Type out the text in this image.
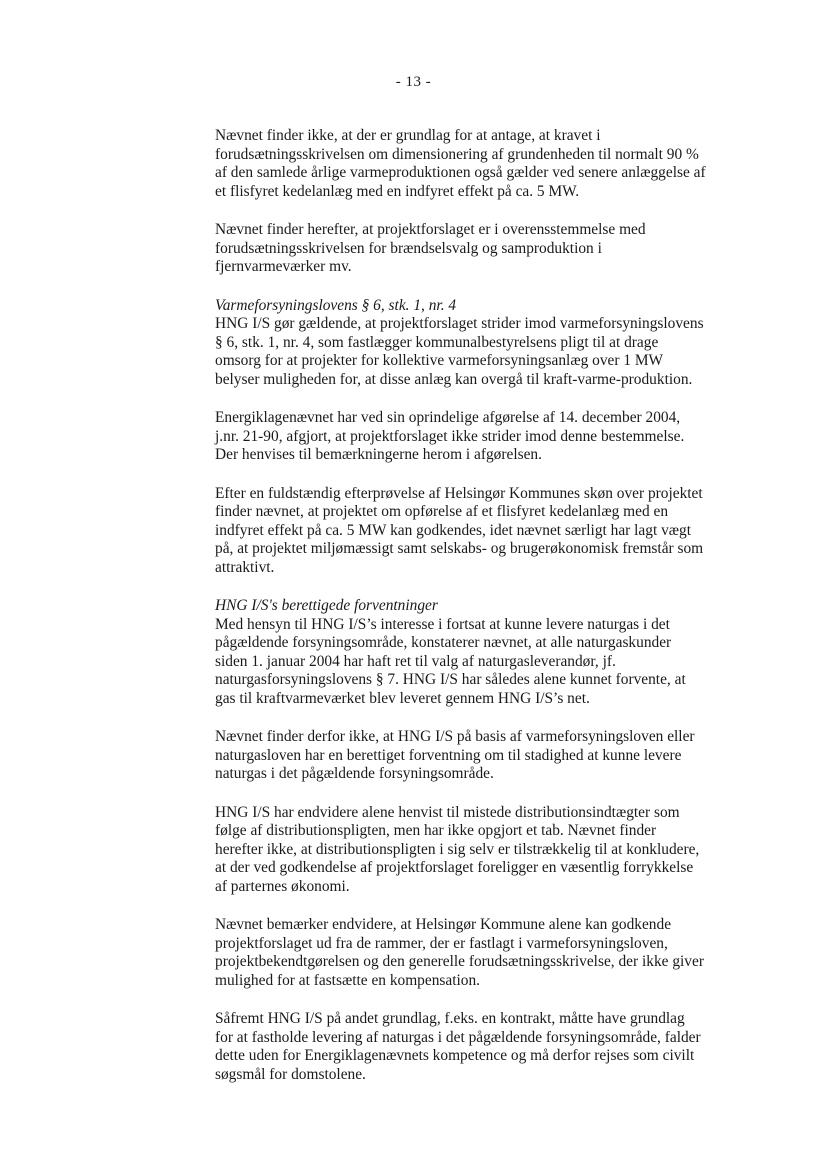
- 13 -
Nævnet finder ikke, at der er grundlag for at antage, at kravet i
forudsætningsskrivelsen om dimensionering af grundenheden til normalt 90 %
af den samlede årlige varmeproduktionen også gælder ved senere anlæggelse af
et flisfyret kedelanlæg med en indfyret effekt på ca. 5 MW.
Nævnet finder herefter, at projektforslaget er i overensstemmelse med
forudsætningsskrivelsen for brændselsvalg og samproduktion i
fjernvarmeværker mv.
Varmeforsyningslovens § 6, stk. 1, nr. 4
HNG I/S gør gældende, at projektforslaget strider imod varmeforsyningslovens
§ 6, stk. 1, nr. 4, som fastlægger kommunalbestyrelsens pligt til at drage
omsorg for at projekter for kollektive varmeforsyningsanlæg over 1 MW
belyser muligheden for, at disse anlæg kan overgå til kraft-varme-produktion.
Energiklagenævnet har ved sin oprindelige afgørelse af 14. december 2004,
j.nr. 21-90, afgjort, at projektforslaget ikke strider imod denne bestemmelse.
Der henvises til bemærkningerne herom i afgørelsen.
Efter en fuldstændig efterprøvelse af Helsingør Kommunes skøn over projektet
finder nævnet, at projektet om opførelse af et flisfyret kedelanlæg med en
indfyret effekt på ca. 5 MW kan godkendes, idet nævnet særligt har lagt vægt
på, at projektet miljømæssigt samt selskabs- og brugerøkonomisk fremstår som
attraktivt.
HNG I/S's berettigede forventninger
Med hensyn til HNG I/S’s interesse i fortsat at kunne levere naturgas i det
pågældende forsyningsområde, konstaterer nævnet, at alle naturgaskunder
siden 1. januar 2004 har haft ret til valg af naturgasleverandør, jf.
naturgasforsyningslovens § 7. HNG I/S har således alene kunnet forvente, at
gas til kraftvarmeværket blev leveret gennem HNG I/S’s net.
Nævnet finder derfor ikke, at HNG I/S på basis af varmeforsyningsloven eller
naturgasloven har en berettiget forventning om til stadighed at kunne levere
naturgas i det pågældende forsyningsområde.
HNG I/S har endvidere alene henvist til mistede distributionsindtægter som
følge af distributionspligten, men har ikke opgjort et tab. Nævnet finder
herefter ikke, at distributionspligten i sig selv er tilstrækkelig til at konkludere,
at der ved godkendelse af projektforslaget foreligger en væsentlig forrykkelse
af parternes økonomi.
Nævnet bemærker endvidere, at Helsingør Kommune alene kan godkende
projektforslaget ud fra de rammer, der er fastlagt i varmeforsyningsloven,
projektbekendtgørelsen og den generelle forudsætningsskrivelse, der ikke giver
mulighed for at fastsætte en kompensation.
Såfremt HNG I/S på andet grundlag, f.eks. en kontrakt, måtte have grundlag
for at fastholde levering af naturgas i det pågældende forsyningsområde, falder
dette uden for Energiklagenævnets kompetence og må derfor rejses som civilt
søgsmål for domstolene.
